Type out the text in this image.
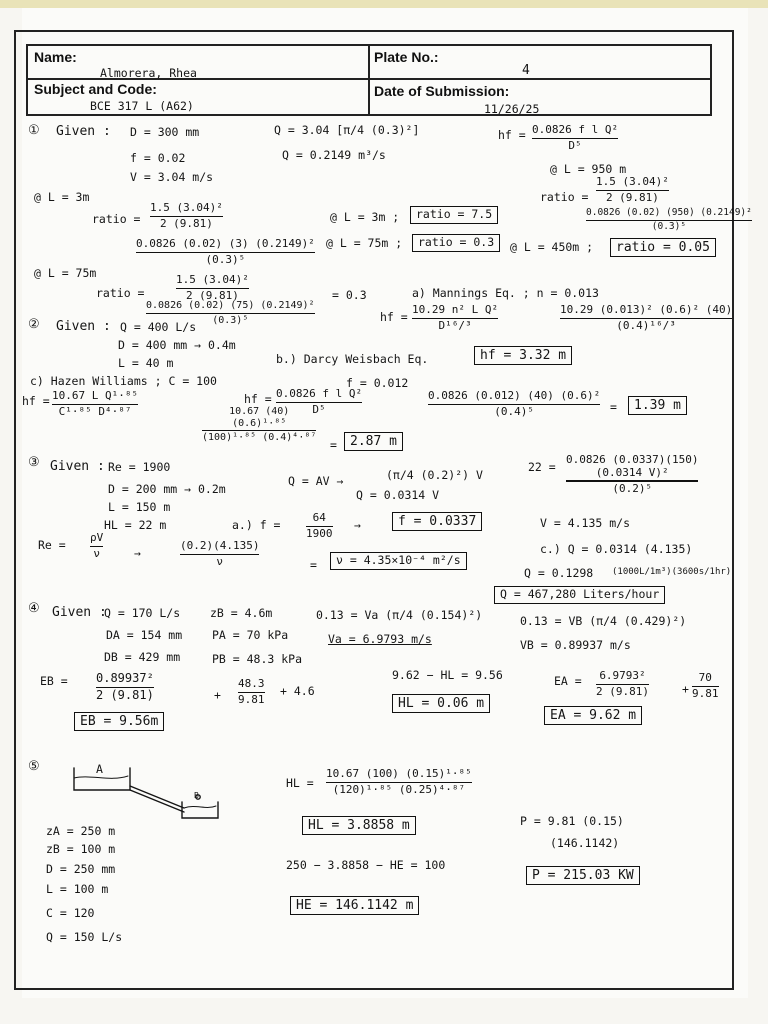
Name:
Almorera, Rhea
Plate No.:
4
Subject and Code:
BCE 317 L (A62)
Date of Submission:
11/26/25
① Given : D = 300 mm
f = 0.02
V = 3.04 m/s
Q = 3.04 [π/4 (0.3)²]
Q = 0.2149 m³/s
hf = 0.0826 f l Q²
D⁵
@ L = 950 m
ratio =
1.5 (3.04)²
2 (9.81)
0.0826 (0.02) (950) (0.2149)²
(0.3)⁵
@ L = 3m
ratio =
1.5 (3.04)²
2 (9.81)
0.0826 (0.02) (3) (0.2149)²
(0.3)⁵
@ L = 3m ;	ratio = 7.5
@ L = 75m ;	ratio = 0.3	@ L = 450m ;	ratio = 0.05
@ L = 75m
ratio =
1.5 (3.04)²
2 (9.81)
0.0826 (0.02) (75) (0.2149)²
(0.3)⁵
= 0.3	a) Mannings Eq. ; n = 0.013
hf =
10.29 n² L Q²
D¹⁶/³
10.29 (0.013)² (0.6)² (40)
(0.4)¹⁶/³
hf = 3.32 m
② Given : Q = 400 L/s
D = 400 mm → 0.4m
L = 40 m	b.) Darcy Weisbach Eq.
f = 0.012
hf = 0.0826 f l Q²
D⁵
0.0826 (0.012) (40) (0.6)²
(0.4)⁵	=	1.39 m
c) Hazen Williams ; C = 100
hf = 10.67 L Q¹·⁸⁵
C¹·⁸⁵ D⁴·⁸⁷	10.67 (40)
(0.6)¹·⁸⁵
(100)¹·⁸⁵ (0.4)⁴·⁸⁷
=	2.87 m
③ Given : Re = 1900
D = 200 mm → 0.2m
L = 150 m
HL = 22 m
Q = AV →	(π/4 (0.2)²) V
Q = 0.0314 V
22 =
0.0826 (0.0337)(150)
(0.0314 V)²
(0.2)⁵
a.) f =
64
1900
→	f = 0.0337	V = 4.135 m/s
Re =
ρV
ν	→
(0.2)(4.135)
ν	=	ν = 4.35×10⁻⁴ m²/s
c.) Q = 0.0314 (4.135)
Q = 0.1298 (1000L/1m³)(3600s/1hr)
Q = 467,280 Liters/hour
④ Given :
Q = 170 L/s	zB = 4.6m
DA = 154 mm	PA = 70 kPa
DB = 429 mm	PB = 48.3 kPa
0.13 = Va (π/4 (0.154)²)
Va = 6.9793 m/s
0.13 = VB (π/4 (0.429)²)
VB = 0.89937 m/s
EB = 0.89937²
2 (9.81)	+
48.3
9.81
+ 4.6
EB = 9.56m
9.62 − HL = 9.56
HL = 0.06 m
EA = 6.9793²
2 (9.81)	+
70
9.81
EA = 9.62 m
⑤	A
B
zA = 250 m
zB = 100 m
D = 250 mm
L = 100 m
C = 120
Q = 150 L/s
HL =
10.67 (100) (0.15)¹·⁸⁵
(120)¹·⁸⁵ (0.25)⁴·⁸⁷
HL = 3.8858 m
250 − 3.8858 − HE = 100
HE = 146.1142 m
P = 9.81 (0.15)
(146.1142)
P = 215.03 KW
